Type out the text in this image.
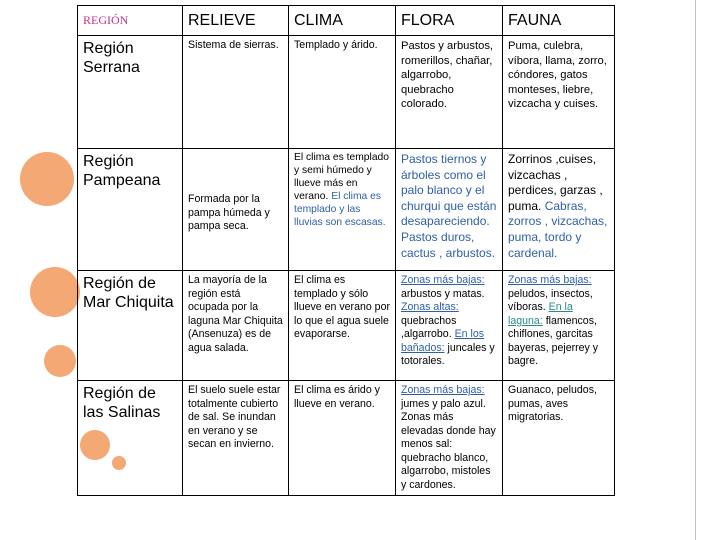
REGIÓN	RELIEVE	CLIMA	FLORA	FAUNA
Región Serrana	Sistema de sierras.	Templado y árido.	Pastos y arbustos, romerillos, chañar, algarrobo, quebracho colorado.	Puma, culebra, víbora, llama, zorro, cóndores, gatos monteses, liebre, vizcacha y cuises.
Región Pampeana	Formada por la pampa húmeda y pampa seca.	El clima es templado y semi húmedo y llueve más en verano. El clima es templado y las lluvias son escasas.	Pastos tiernos y árboles como el palo blanco y el churqui que están desapareciendo. Pastos duros, cactus , arbustos.	Zorrinos ,cuises, vizcachas , perdices, garzas , puma. Cabras, zorros , vizcachas, puma, tordo y cardenal.
Región de Mar Chiquita	La mayoría de la región está ocupada por la laguna Mar Chiquita (Ansenuza) es de agua salada.	El clima es templado y sólo llueve en verano por lo que el agua suele evaporarse.	Zonas más bajas: arbustos y matas. Zonas altas: quebrachos ,algarrobo. En los bañados: juncales y totorales.	Zonas más bajas: peludos, insectos, víboras. En la laguna: flamencos, chiflones, garcitas bayeras, pejerrey y bagre.
Región de las Salinas	El suelo suele estar totalmente cubierto de sal. Se inundan en verano y se secan en invierno.	El clima es árido y llueve en verano.	Zonas más bajas: jumes y palo azul. Zonas más elevadas donde hay menos sal: quebracho blanco, algarrobo, mistoles y cardones.	Guanaco, peludos, pumas, aves migratorias.
